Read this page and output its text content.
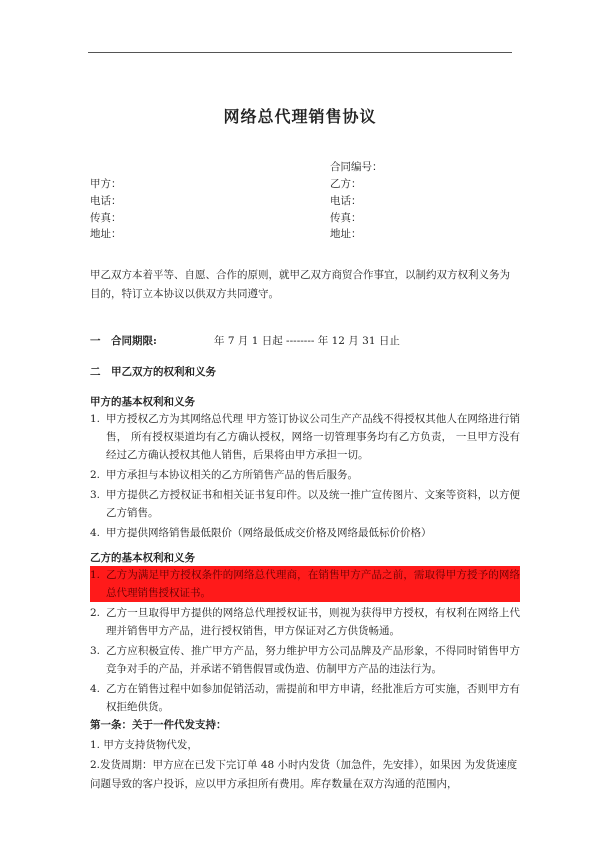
网络总代理销售协议
合同编号：
甲方：	乙方：
电话：	电话：
传真：	传真：
地址：	地址：
甲乙双方本着平等、自愿、合作的原则，就甲乙双方商贸合作事宜，以制约双方权利义务为目的，特订立本协议以供双方共同遵守。
一　合同期限:	年 7 月 1 日起 -------- 年 12 月 31 日止
二　甲乙双方的权利和义务
甲方的基本权利和义务
1. 甲方授权乙方为其网络总代理 甲方签订协议公司生产产品线不得授权其他人在网络进行销售， 所有授权渠道均有乙方确认授权，网络一切管理事务均有乙方负责， 一旦甲方没有经过乙方确认授权其他人销售，后果将由甲方承担一切。
2. 甲方承担与本协议相关的乙方所销售产品的售后服务。
3. 甲方提供乙方授权证书和相关证书复印件。以及统一推广宣传图片、文案等资料，以方便乙方销售。
4. 甲方提供网络销售最低限价（网络最低成交价格及网络最低标价价格）
乙方的基本权利和义务
1. 乙方为满足甲方授权条件的网络总代理商，在销售甲方产品之前，需取得甲方授予的网络总代理销售授权证书。
2. 乙方一旦取得甲方提供的网络总代理授权证书，则视为获得甲方授权，有权利在网络上代理并销售甲方产品，进行授权销售，甲方保证对乙方供货畅通。
3. 乙方应积极宣传、推广甲方产品，努力维护甲方公司品牌及产品形象，不得同时销售甲方竞争对手的产品，并承诺不销售假冒或伪造、仿制甲方产品的违法行为。
4. 乙方在销售过程中如参加促销活动，需提前和甲方申请，经批准后方可实施，否则甲方有权拒绝供货。
第一条：关于一件代发支持：
1. 甲方支持货物代发，
2.发货周期：甲方应在已发下完订单 48 小时内发货（加急件，先安排），如果因 为发货速度问题导致的客户投诉，应以甲方承担所有费用。库存数量在双方沟通的范围内，
